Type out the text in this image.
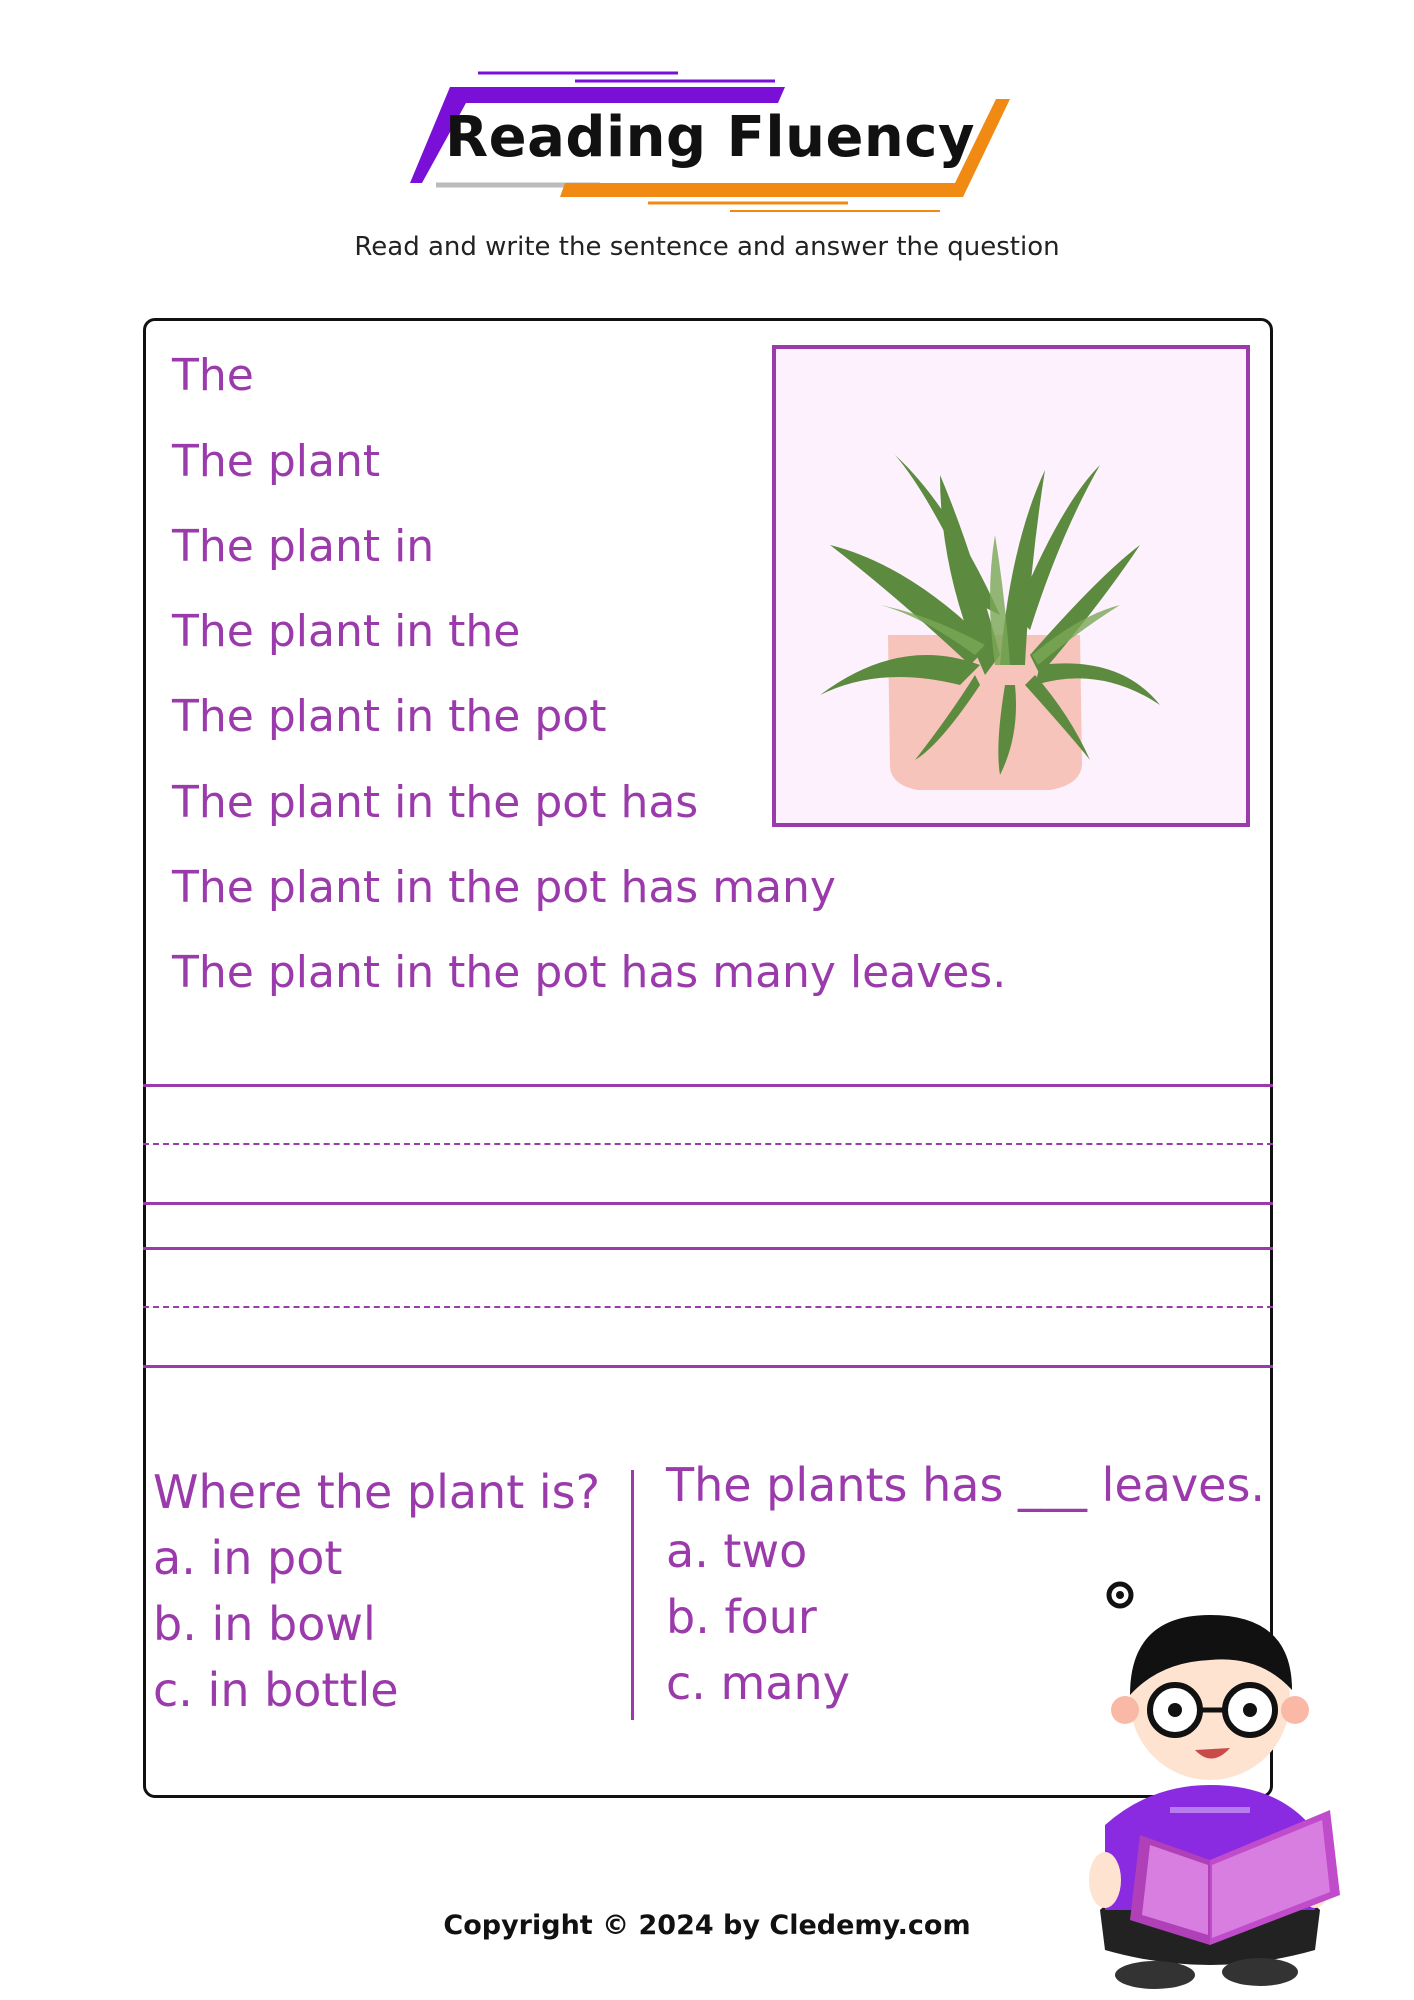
Reading Fluency
Read and write the sentence and answer the question
The
The plant
The plant in
The plant in the
The plant in the pot
The plant in the pot has
The plant in the pot has many
The plant in the pot has many leaves.
Where the plant is?
a. in pot
b. in bowl
c. in bottle
The plants has ___ leaves.
a. two
b. four
c. many
Copyright © 2024 by Cledemy.com
